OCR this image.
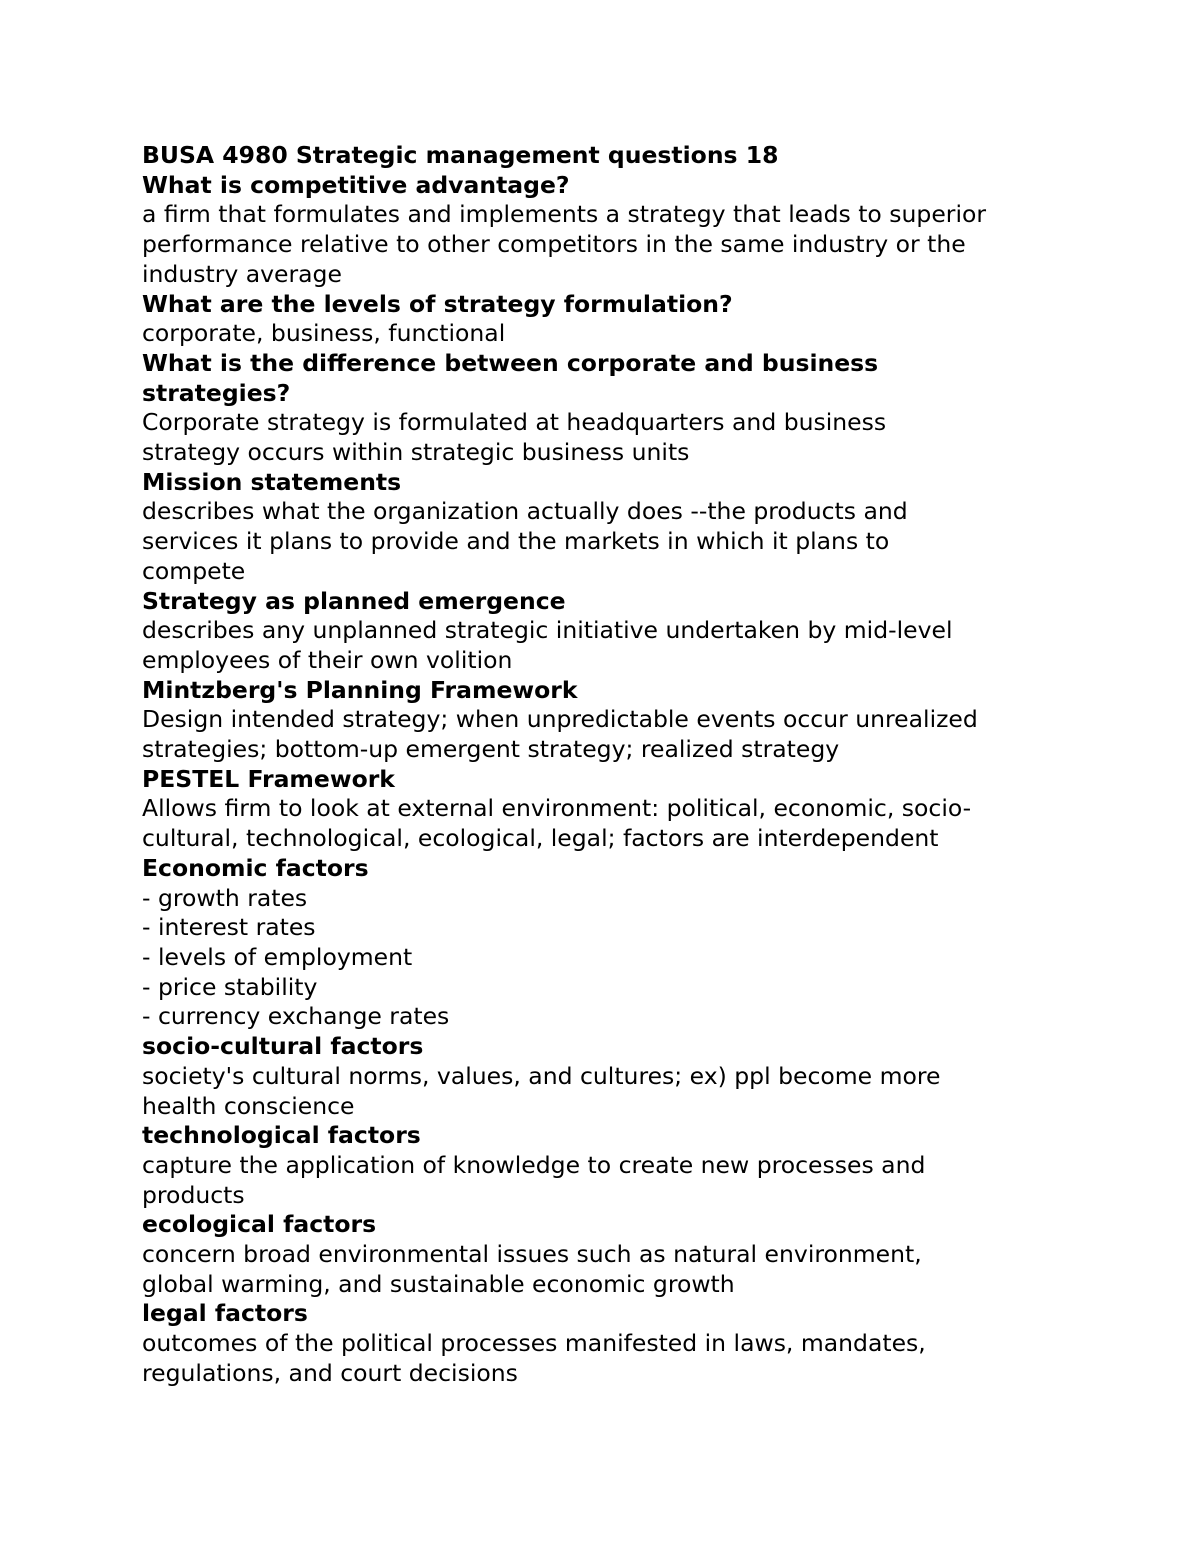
BUSA 4980 Strategic management questions 18
What is competitive advantage?
a firm that formulates and implements a strategy that leads to superior
performance relative to other competitors in the same industry or the
industry average
What are the levels of strategy formulation?
corporate, business, functional
What is the difference between corporate and business
strategies?
Corporate strategy is formulated at headquarters and business
strategy occurs within strategic business units
Mission statements
describes what the organization actually does --the products and
services it plans to provide and the markets in which it plans to
compete
Strategy as planned emergence
describes any unplanned strategic initiative undertaken by mid-level
employees of their own volition
Mintzberg's Planning Framework
Design intended strategy; when unpredictable events occur unrealized
strategies; bottom-up emergent strategy; realized strategy
PESTEL Framework
Allows firm to look at external environment: political, economic, socio-
cultural, technological, ecological, legal; factors are interdependent
Economic factors
- growth rates
- interest rates
- levels of employment
- price stability
- currency exchange rates
socio-cultural factors
society's cultural norms, values, and cultures; ex) ppl become more
health conscience
technological factors
capture the application of knowledge to create new processes and
products
ecological factors
concern broad environmental issues such as natural environment,
global warming, and sustainable economic growth
legal factors
outcomes of the political processes manifested in laws, mandates,
regulations, and court decisions
